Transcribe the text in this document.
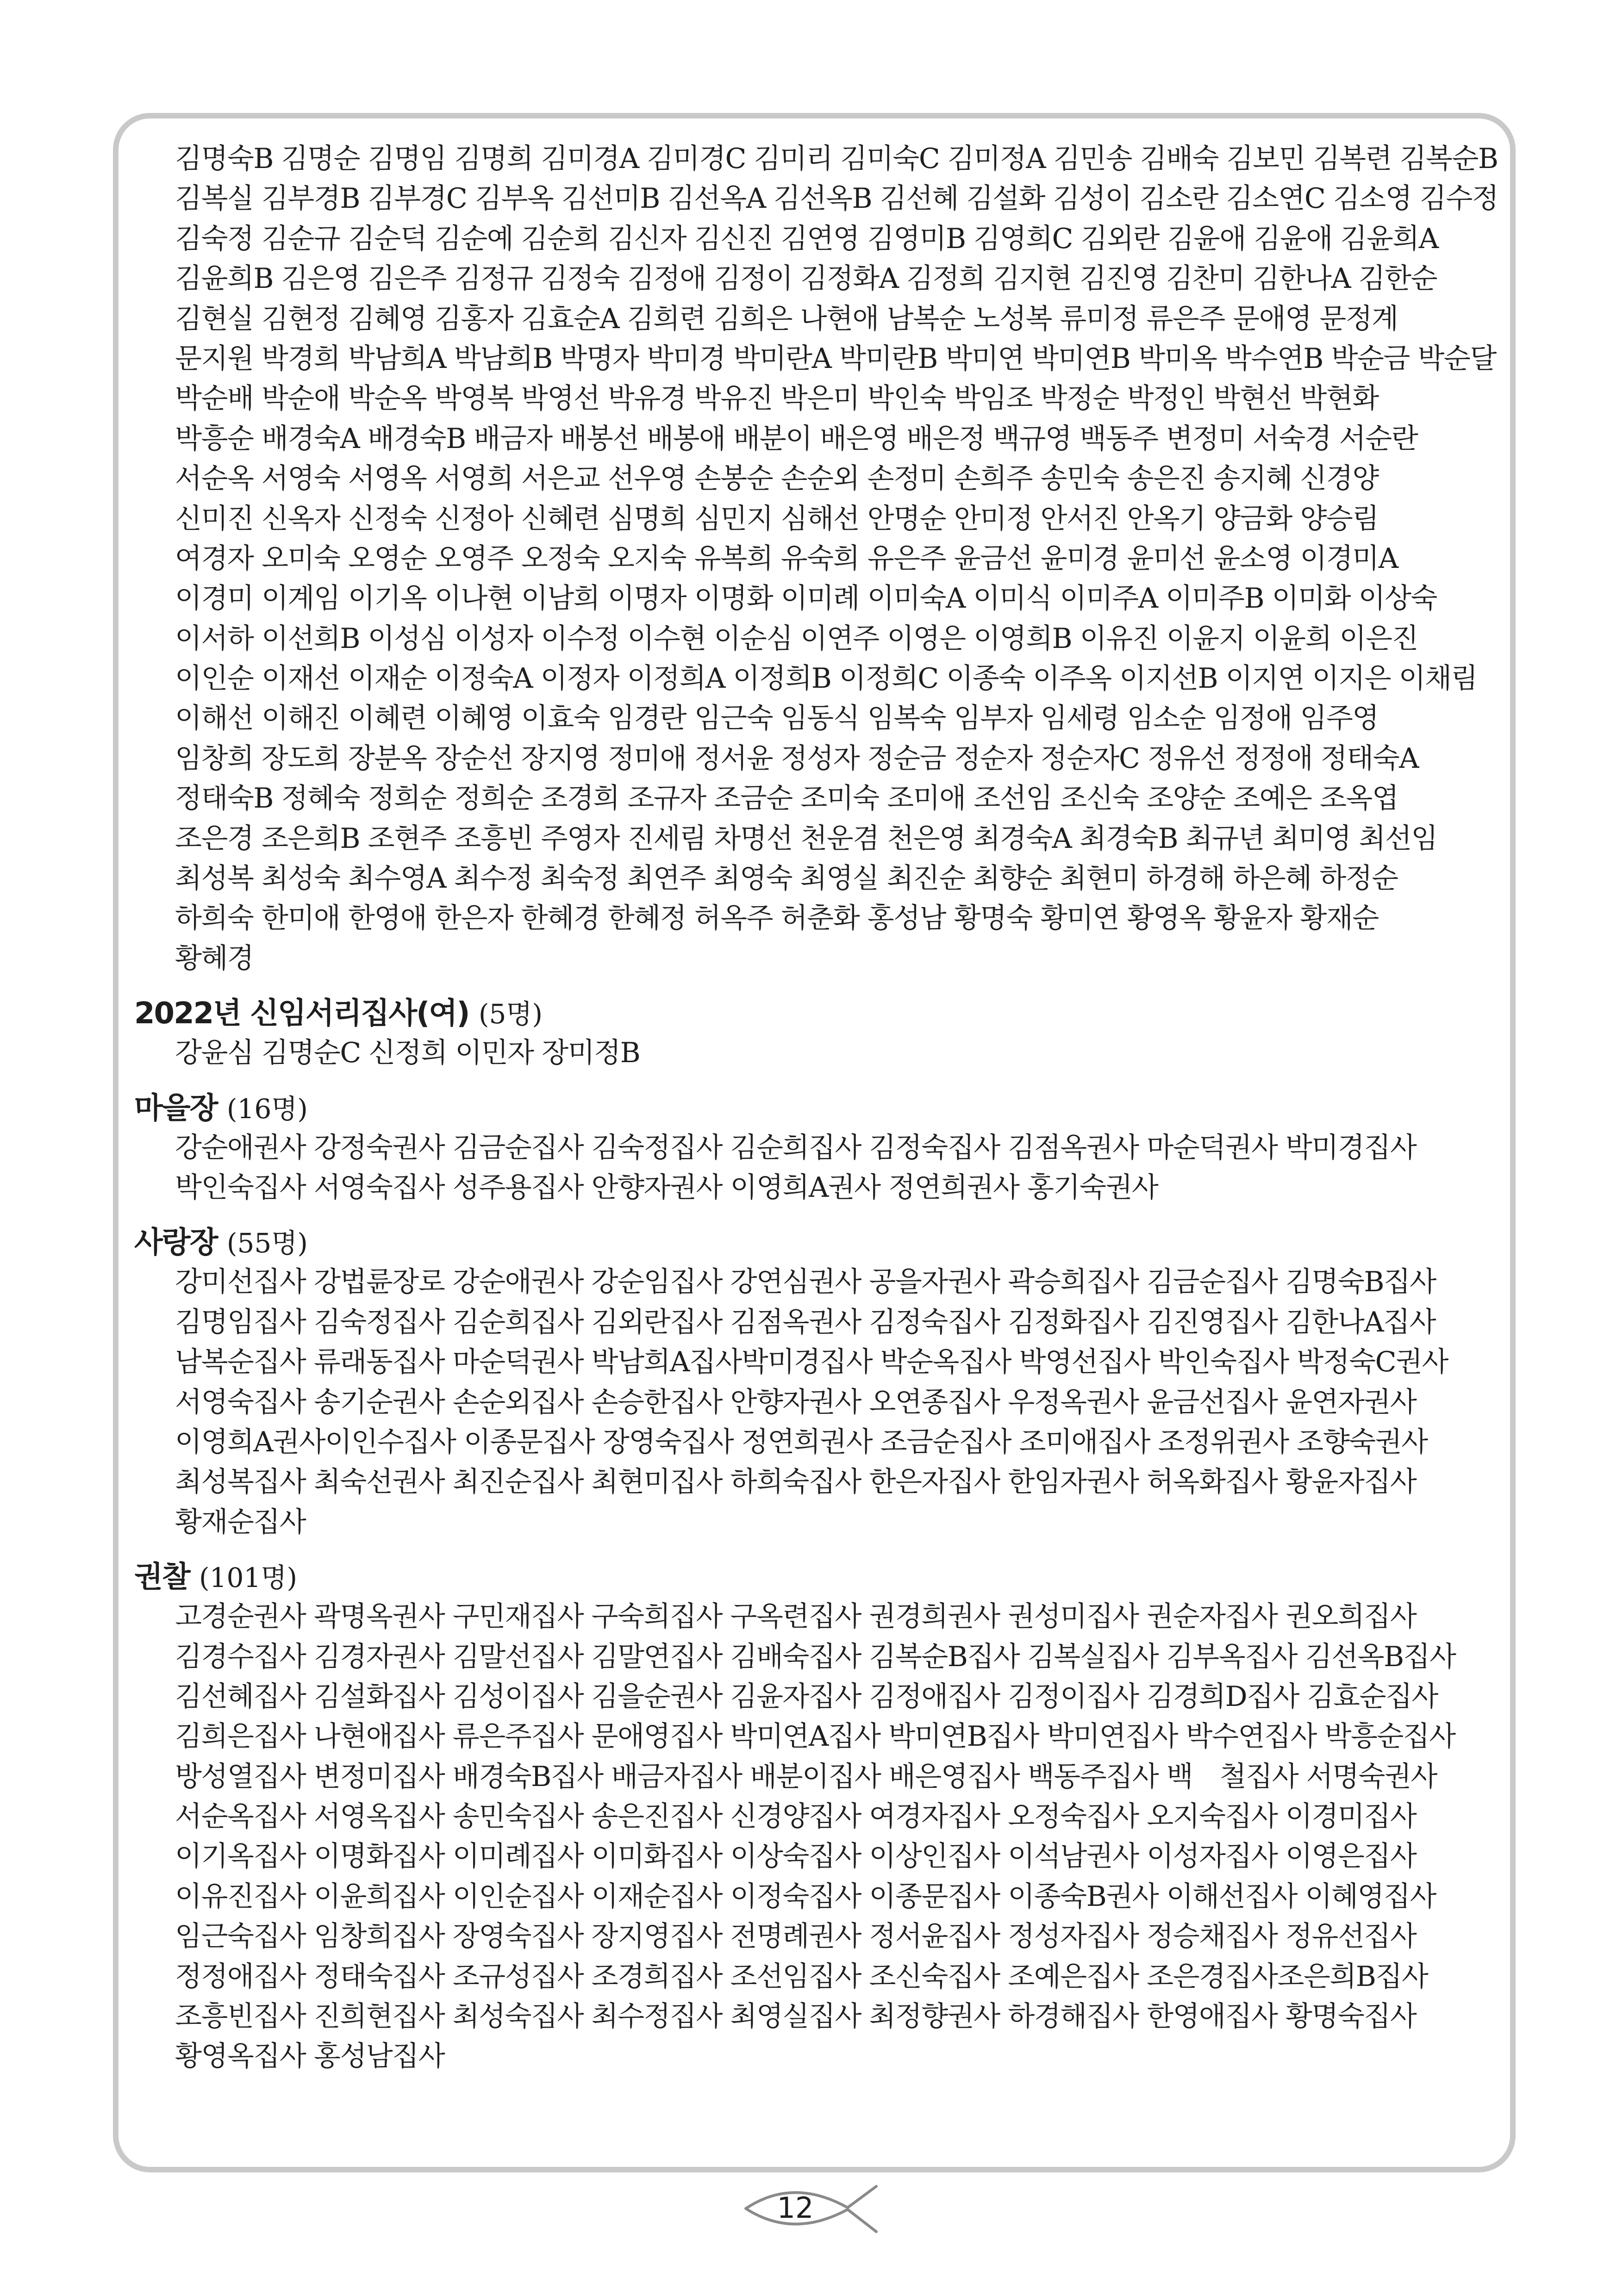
김명숙B 김명순 김명임 김명희 김미경A 김미경C 김미리 김미숙C 김미정A 김민송 김배숙 김보민 김복련 김복순B
김복실 김부경B 김부경C 김부옥 김선미B 김선옥A 김선옥B 김선혜 김설화 김성이 김소란 김소연C 김소영 김수정
김숙정 김순규 김순덕 김순예 김순희 김신자 김신진 김연영 김영미B 김영희C 김외란 김윤애 김윤애 김윤희A
김윤희B 김은영 김은주 김정규 김정숙 김정애 김정이 김정화A 김정희 김지현 김진영 김찬미 김한나A 김한순
김현실 김현정 김혜영 김홍자 김효순A 김희련 김희은 나현애 남복순 노성복 류미정 류은주 문애영 문정계
문지원 박경희 박남희A 박남희B 박명자 박미경 박미란A 박미란B 박미연 박미연B 박미옥 박수연B 박순금 박순달
박순배 박순애 박순옥 박영복 박영선 박유경 박유진 박은미 박인숙 박임조 박정순 박정인 박현선 박현화
박흥순 배경숙A 배경숙B 배금자 배봉선 배봉애 배분이 배은영 배은정 백규영 백동주 변정미 서숙경 서순란
서순옥 서영숙 서영옥 서영희 서은교 선우영 손봉순 손순외 손정미 손희주 송민숙 송은진 송지혜 신경양
신미진 신옥자 신정숙 신정아 신혜련 심명희 심민지 심해선 안명순 안미정 안서진 안옥기 양금화 양승림
여경자 오미숙 오영순 오영주 오정숙 오지숙 유복희 유숙희 유은주 윤금선 윤미경 윤미선 윤소영 이경미A
이경미 이계임 이기옥 이나현 이남희 이명자 이명화 이미례 이미숙A 이미식 이미주A 이미주B 이미화 이상숙
이서하 이선희B 이성심 이성자 이수정 이수현 이순심 이연주 이영은 이영희B 이유진 이윤지 이윤희 이은진
이인순 이재선 이재순 이정숙A 이정자 이정희A 이정희B 이정희C 이종숙 이주옥 이지선B 이지연 이지은 이채림
이해선 이해진 이혜련 이혜영 이효숙 임경란 임근숙 임동식 임복숙 임부자 임세령 임소순 임정애 임주영
임창희 장도희 장분옥 장순선 장지영 정미애 정서윤 정성자 정순금 정순자 정순자C 정유선 정정애 정태숙A
정태숙B 정혜숙 정희순 정희순 조경희 조규자 조금순 조미숙 조미애 조선임 조신숙 조양순 조예은 조옥엽
조은경 조은희B 조현주 조흥빈 주영자 진세림 차명선 천운겸 천은영 최경숙A 최경숙B 최규년 최미영 최선임
최성복 최성숙 최수영A 최수정 최숙정 최연주 최영숙 최영실 최진순 최향순 최현미 하경해 하은혜 하정순
하희숙 한미애 한영애 한은자 한혜경 한혜정 허옥주 허춘화 홍성남 황명숙 황미연 황영옥 황윤자 황재순
황혜경
2022년 신임서리집사(여) (5명)
강윤심 김명순C 신정희 이민자 장미정B
마을장 (16명)
강순애권사 강정숙권사 김금순집사 김숙정집사 김순희집사 김정숙집사 김점옥권사 마순덕권사 박미경집사
박인숙집사 서영숙집사 성주용집사 안향자권사 이영희A권사 정연희권사 홍기숙권사
사랑장 (55명)
강미선집사 강법륜장로 강순애권사 강순임집사 강연심권사 공을자권사 곽승희집사 김금순집사 김명숙B집사
김명임집사 김숙정집사 김순희집사 김외란집사 김점옥권사 김정숙집사 김정화집사 김진영집사 김한나A집사
남복순집사 류래동집사 마순덕권사 박남희A집사박미경집사 박순옥집사 박영선집사 박인숙집사 박정숙C권사
서영숙집사 송기순권사 손순외집사 손승한집사 안향자권사 오연종집사 우정옥권사 윤금선집사 윤연자권사
이영희A권사이인수집사 이종문집사 장영숙집사 정연희권사 조금순집사 조미애집사 조정위권사 조향숙권사
최성복집사 최숙선권사 최진순집사 최현미집사 하희숙집사 한은자집사 한임자권사 허옥화집사 황윤자집사
황재순집사
권찰 (101명)
고경순권사 곽명옥권사 구민재집사 구숙희집사 구옥련집사 권경희권사 권성미집사 권순자집사 권오희집사
김경수집사 김경자권사 김말선집사 김말연집사 김배숙집사 김복순B집사 김복실집사 김부옥집사 김선옥B집사
김선혜집사 김설화집사 김성이집사 김을순권사 김윤자집사 김정애집사 김정이집사 김경희D집사 김효순집사
김희은집사 나현애집사 류은주집사 문애영집사 박미연A집사 박미연B집사 박미연집사 박수연집사 박흥순집사
방성열집사 변정미집사 배경숙B집사 배금자집사 배분이집사 배은영집사 백동주집사 백　철집사 서명숙권사
서순옥집사 서영옥집사 송민숙집사 송은진집사 신경양집사 여경자집사 오정숙집사 오지숙집사 이경미집사
이기옥집사 이명화집사 이미례집사 이미화집사 이상숙집사 이상인집사 이석남권사 이성자집사 이영은집사
이유진집사 이윤희집사 이인순집사 이재순집사 이정숙집사 이종문집사 이종숙B권사 이해선집사 이혜영집사
임근숙집사 임창희집사 장영숙집사 장지영집사 전명례권사 정서윤집사 정성자집사 정승채집사 정유선집사
정정애집사 정태숙집사 조규성집사 조경희집사 조선임집사 조신숙집사 조예은집사 조은경집사조은희B집사
조흥빈집사 진희현집사 최성숙집사 최수정집사 최영실집사 최정향권사 하경해집사 한영애집사 황명숙집사
황영옥집사 홍성남집사
12
